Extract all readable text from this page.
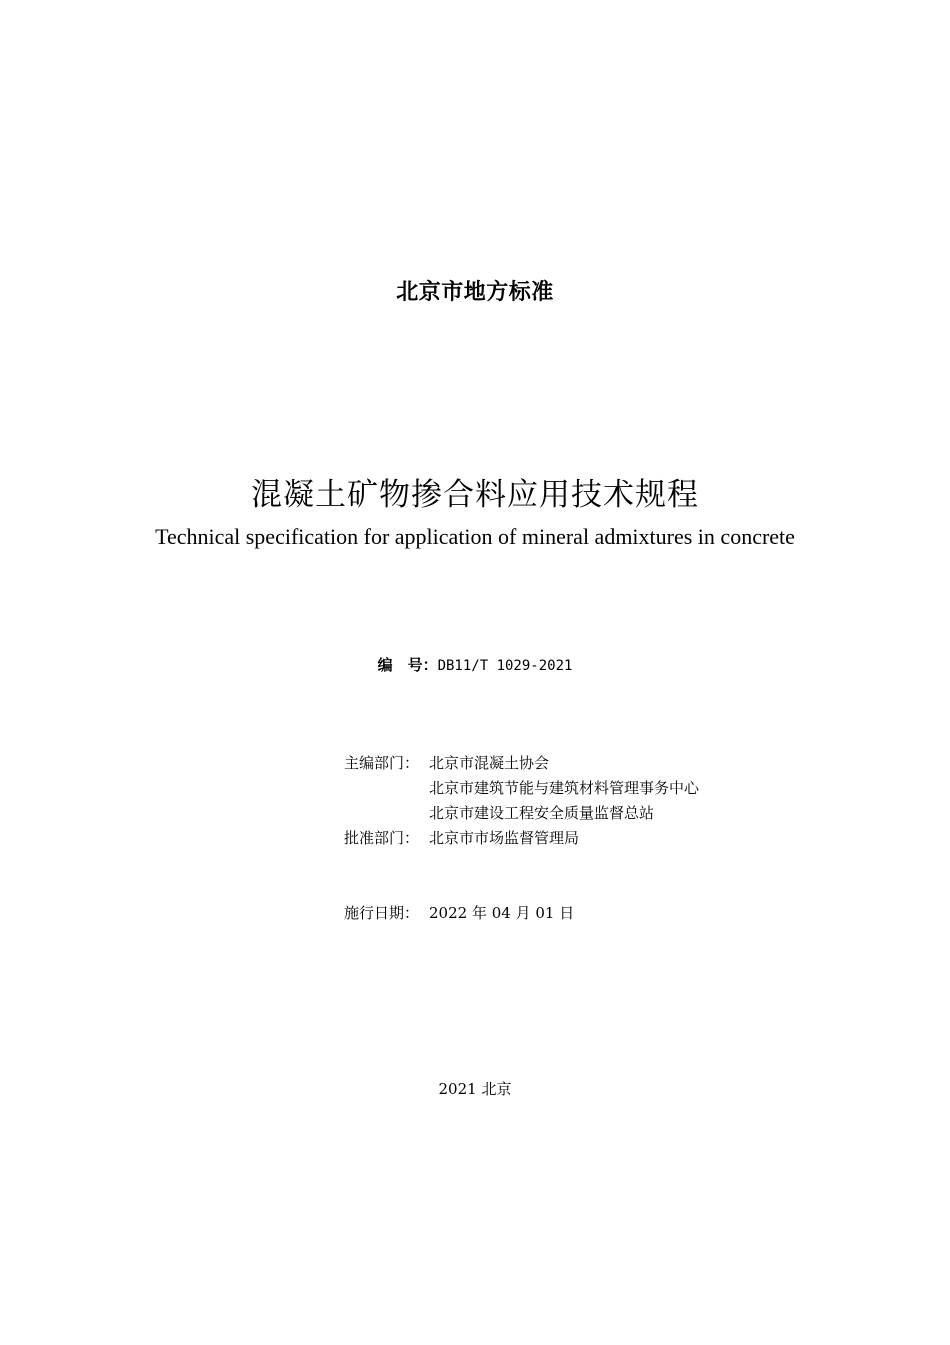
北京市地方标准
混凝土矿物掺合料应用技术规程
Technical specification for application of mineral admixtures in concrete
编　号：DB11/T 1029-2021
主编部门： 北京市混凝土协会
北京市建筑节能与建筑材料管理事务中心
北京市建设工程安全质量监督总站
批准部门： 北京市市场监督管理局
施行日期： 2022 年 04 月 01 日
2021 北京
